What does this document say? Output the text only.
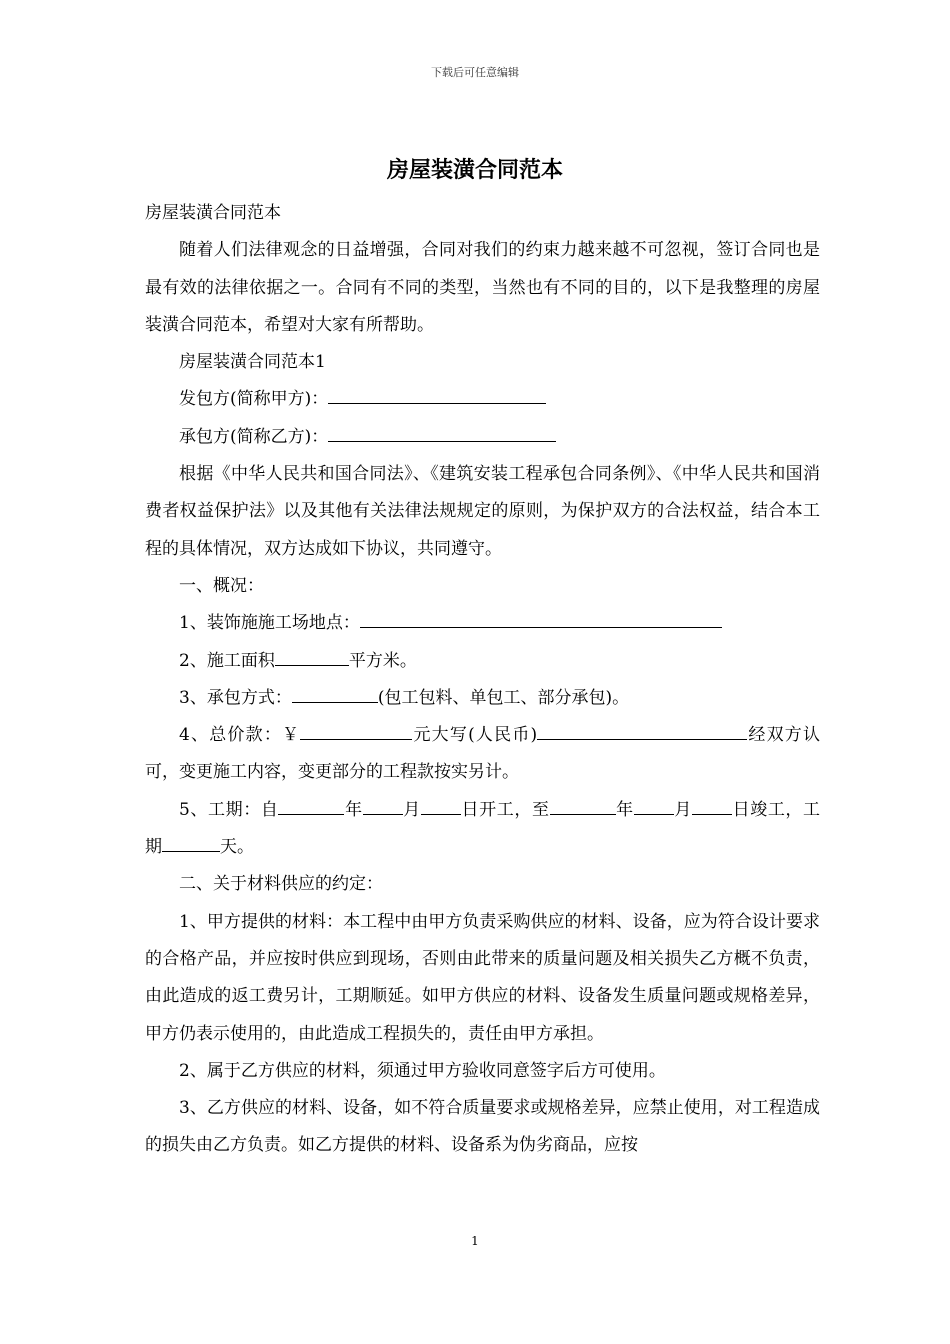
下载后可任意编辑
房屋装潢合同范本

房屋装潢合同范本

随着人们法律观念的日益增强，合同对我们的约束力越来越不可忽视，签订合同也是最有效的法律依据之一。合同有不同的类型，当然也有不同的目的，以下是我整理的房屋装潢合同范本，希望对大家有所帮助。

房屋装潢合同范本1

发包方(简称甲方)：

承包方(简称乙方)：

根据《中华人民共和国合同法》、《建筑安装工程承包合同条例》、《中华人民共和国消费者权益保护法》以及其他有关法律法规规定的原则，为保护双方的合法权益，结合本工程的具体情况，双方达成如下协议，共同遵守。

一、概况：

1、装饰施施工场地点：

2、施工面积	平方米。

3、承包方式：	(包工包料、单包工、部分承包)。

4、总价款：￥	元大写(人民币)	经双方认可，变更施工内容，变更部分的工程款按实另计。

5、工期：自	年 月 日开工，至	年 月 日竣工，工期	天。

二、关于材料供应的约定：

1、甲方提供的材料：本工程中由甲方负责采购供应的材料、设备，应为符合设计要求的合格产品，并应按时供应到现场，否则由此带来的质量问题及相关损失乙方概不负责，由此造成的返工费另计，工期顺延。如甲方供应的材料、设备发生质量问题或规格差异，甲方仍表示使用的，由此造成工程损失的，责任由甲方承担。

2、属于乙方供应的材料，须通过甲方验收同意签字后方可使用。

3、乙方供应的材料、设备，如不符合质量要求或规格差异，应禁止使用，对工程造成的损失由乙方负责。如乙方提供的材料、设备系为伪劣商品，应按

1
